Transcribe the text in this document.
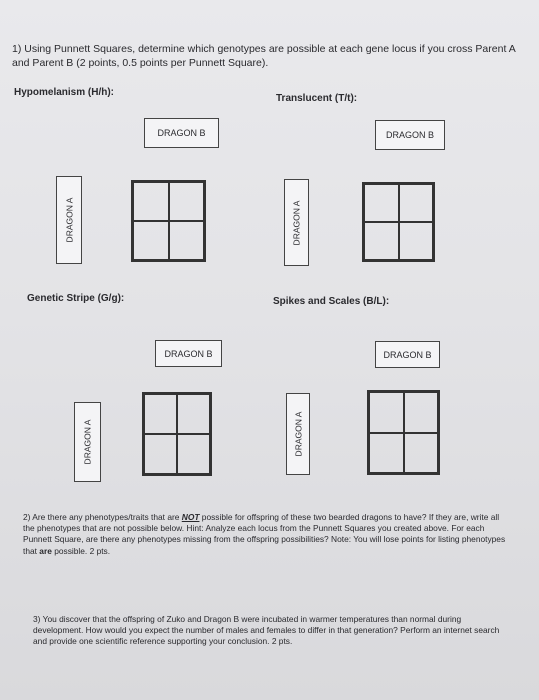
1) Using Punnett Squares, determine which genotypes are possible at each gene locus if you cross Parent A and Parent B (2 points, 0.5 points per Punnett Square).
Hypomelanism (H/h):
Translucent (T/t):
Genetic Stripe (G/g):	Spikes and Scales (B/L):
DRAGON B
DRAGON A
DRAGON B
DRAGON A
DRAGON B
DRAGON A
DRAGON B
DRAGON A
2) Are there any phenotypes/traits that are NOT possible for offspring of these two bearded dragons to have? If they are, write all the phenotypes that are not possible below. Hint: Analyze each locus from the Punnett Squares you created above. For each Punnett Square, are there any phenotypes missing from the offspring possibilities? Note: You will lose points for listing phenotypes that are possible. 2 pts.
3) You discover that the offspring of Zuko and Dragon B were incubated in warmer temperatures than normal during development. How would you expect the number of males and females to differ in that generation? Perform an internet search and provide one scientific reference supporting your conclusion. 2 pts.
